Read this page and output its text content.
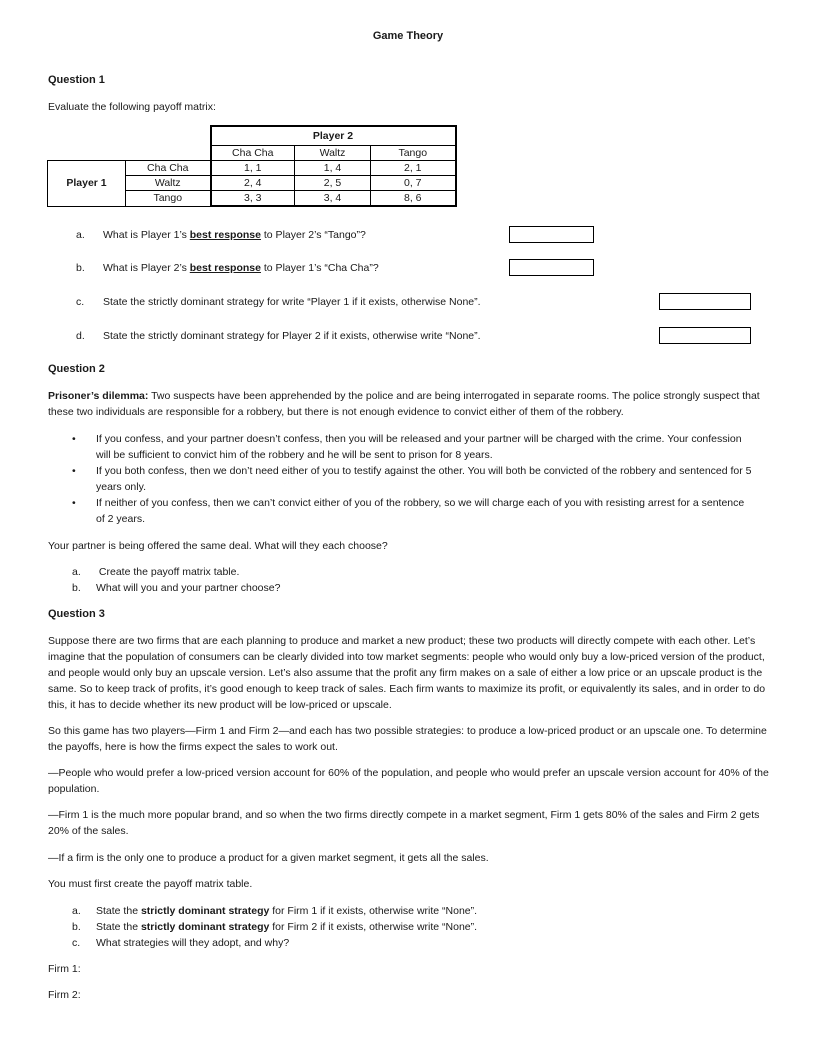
Game Theory
Question 1
Evaluate the following payoff matrix:
		Player 2		
		Cha Cha	Waltz	Tango
Player 1	Cha Cha	1, 1	1, 4	2, 1
	Waltz	2, 4	2, 5	0, 7
	Tango	3, 3	3, 4	8, 6
a. What is Player 1’s best response to Player 2’s “Tango”?
b. What is Player 2’s best response to Player 1’s “Cha Cha”?
c. State the strictly dominant strategy for write “Player 1 if it exists, otherwise None”.
d. State the strictly dominant strategy for Player 2 if it exists, otherwise write “None”.
Question 2
Prisoner’s dilemma: Two suspects have been apprehended by the police and are being interrogated in separate rooms. The police strongly suspect that these two individuals are responsible for a robbery, but there is not enough evidence to convict either of them of the robbery.
• If you confess, and your partner doesn’t confess, then you will be released and your partner will be charged with the crime. Your confession will be sufficient to convict him of the robbery and he will be sent to prison for 8 years.
• If you both confess, then we don’t need either of you to testify against the other. You will both be convicted of the robbery and sentenced for 5 years only.
• If neither of you confess, then we can’t convict either of you of the robbery, so we will charge each of you with resisting arrest for a sentence of 2 years.
Your partner is being offered the same deal. What will they each choose?
a. Create the payoff matrix table.
b. What will you and your partner choose?
Question 3
Suppose there are two firms that are each planning to produce and market a new product; these two products will directly compete with each other. Let’s imagine that the population of consumers can be clearly divided into tow market segments: people who would only buy a low-priced version of the product, and people would only buy an upscale version. Let’s also assume that the profit any firm makes on a sale of either a low price or an upscale product is the same. So to keep track of profits, it’s good enough to keep track of sales. Each firm wants to maximize its profit, or equivalently its sales, and in order to do this, it has to decide whether its new product will be low-priced or upscale.
So this game has two players—Firm 1 and Firm 2—and each has two possible strategies: to produce a low-priced product or an upscale one. To determine the payoffs, here is how the firms expect the sales to work out.
—People who would prefer a low-priced version account for 60% of the population, and people who would prefer an upscale version account for 40% of the population.
—Firm 1 is the much more popular brand, and so when the two firms directly compete in a market segment, Firm 1 gets 80% of the sales and Firm 2 gets 20% of the sales.
—If a firm is the only one to produce a product for a given market segment, it gets all the sales.
You must first create the payoff matrix table.
a. State the strictly dominant strategy for Firm 1 if it exists, otherwise write “None”.
b. State the strictly dominant strategy for Firm 2 if it exists, otherwise write “None”.
c. What strategies will they adopt, and why?
Firm 1:
Firm 2:
